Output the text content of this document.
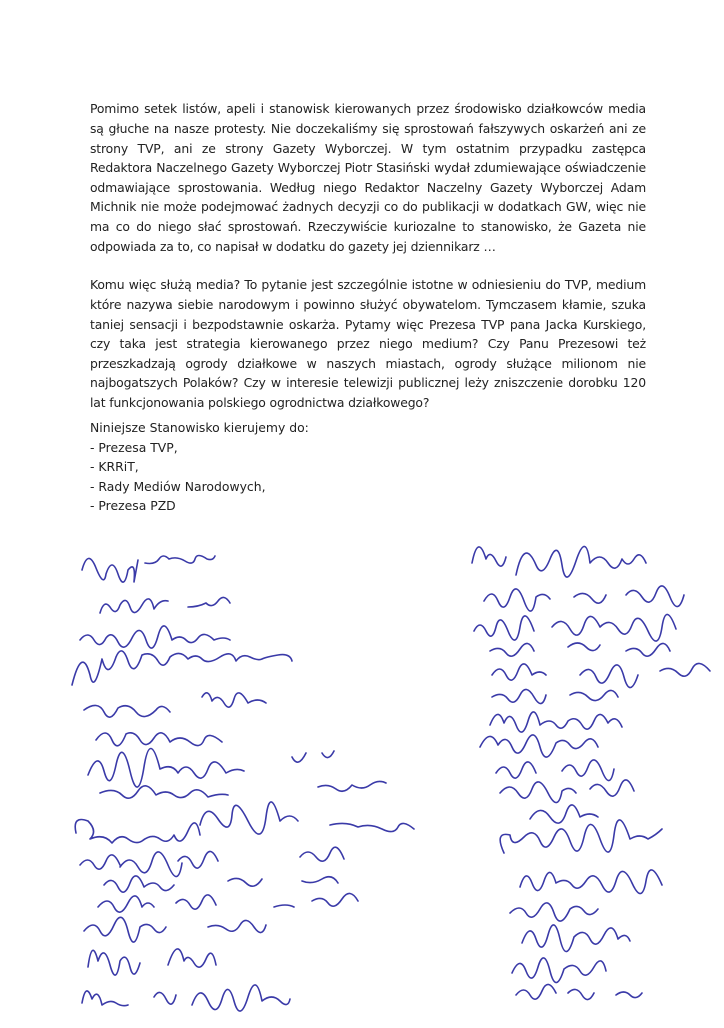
Pomimo setek listów, apeli i stanowisk kierowanych przez środowisko działkowców media są głuche na nasze protesty. Nie doczekaliśmy się sprostowań fałszywych oskarżeń ani ze strony TVP, ani ze strony Gazety Wyborczej. W tym ostatnim przypadku zastępca Redaktora Naczelnego Gazety Wyborczej Piotr Stasiński wydał zdumiewające oświadczenie odmawiające sprostowania. Według niego Redaktor Naczelny Gazety Wyborczej Adam Michnik nie może podejmować żadnych decyzji co do publikacji w dodatkach GW, więc nie ma co do niego słać sprostowań. Rzeczywiście kuriozalne to stanowisko, że Gazeta nie odpowiada za to, co napisał w dodatku do gazety jej dziennikarz …

Komu więc służą media? To pytanie jest szczególnie istotne w odniesieniu do TVP, medium które nazywa siebie narodowym i powinno służyć obywatelom. Tymczasem kłamie, szuka taniej sensacji i bezpodstawnie oskarża. Pytamy więc Prezesa TVP pana Jacka Kurskiego, czy taka jest strategia kierowanego przez niego medium? Czy Panu Prezesowi też przeszkadzają ogrody działkowe w naszych miastach, ogrody służące milionom nie najbogatszych Polaków? Czy w interesie telewizji publicznej leży zniszczenie dorobku 120 lat funkcjonowania polskiego ogrodnictwa działkowego?

Niniejsze Stanowisko kierujemy do:
- Prezesa TVP,
- KRRiT,
- Rady Mediów Narodowych,
- Prezesa PZD
